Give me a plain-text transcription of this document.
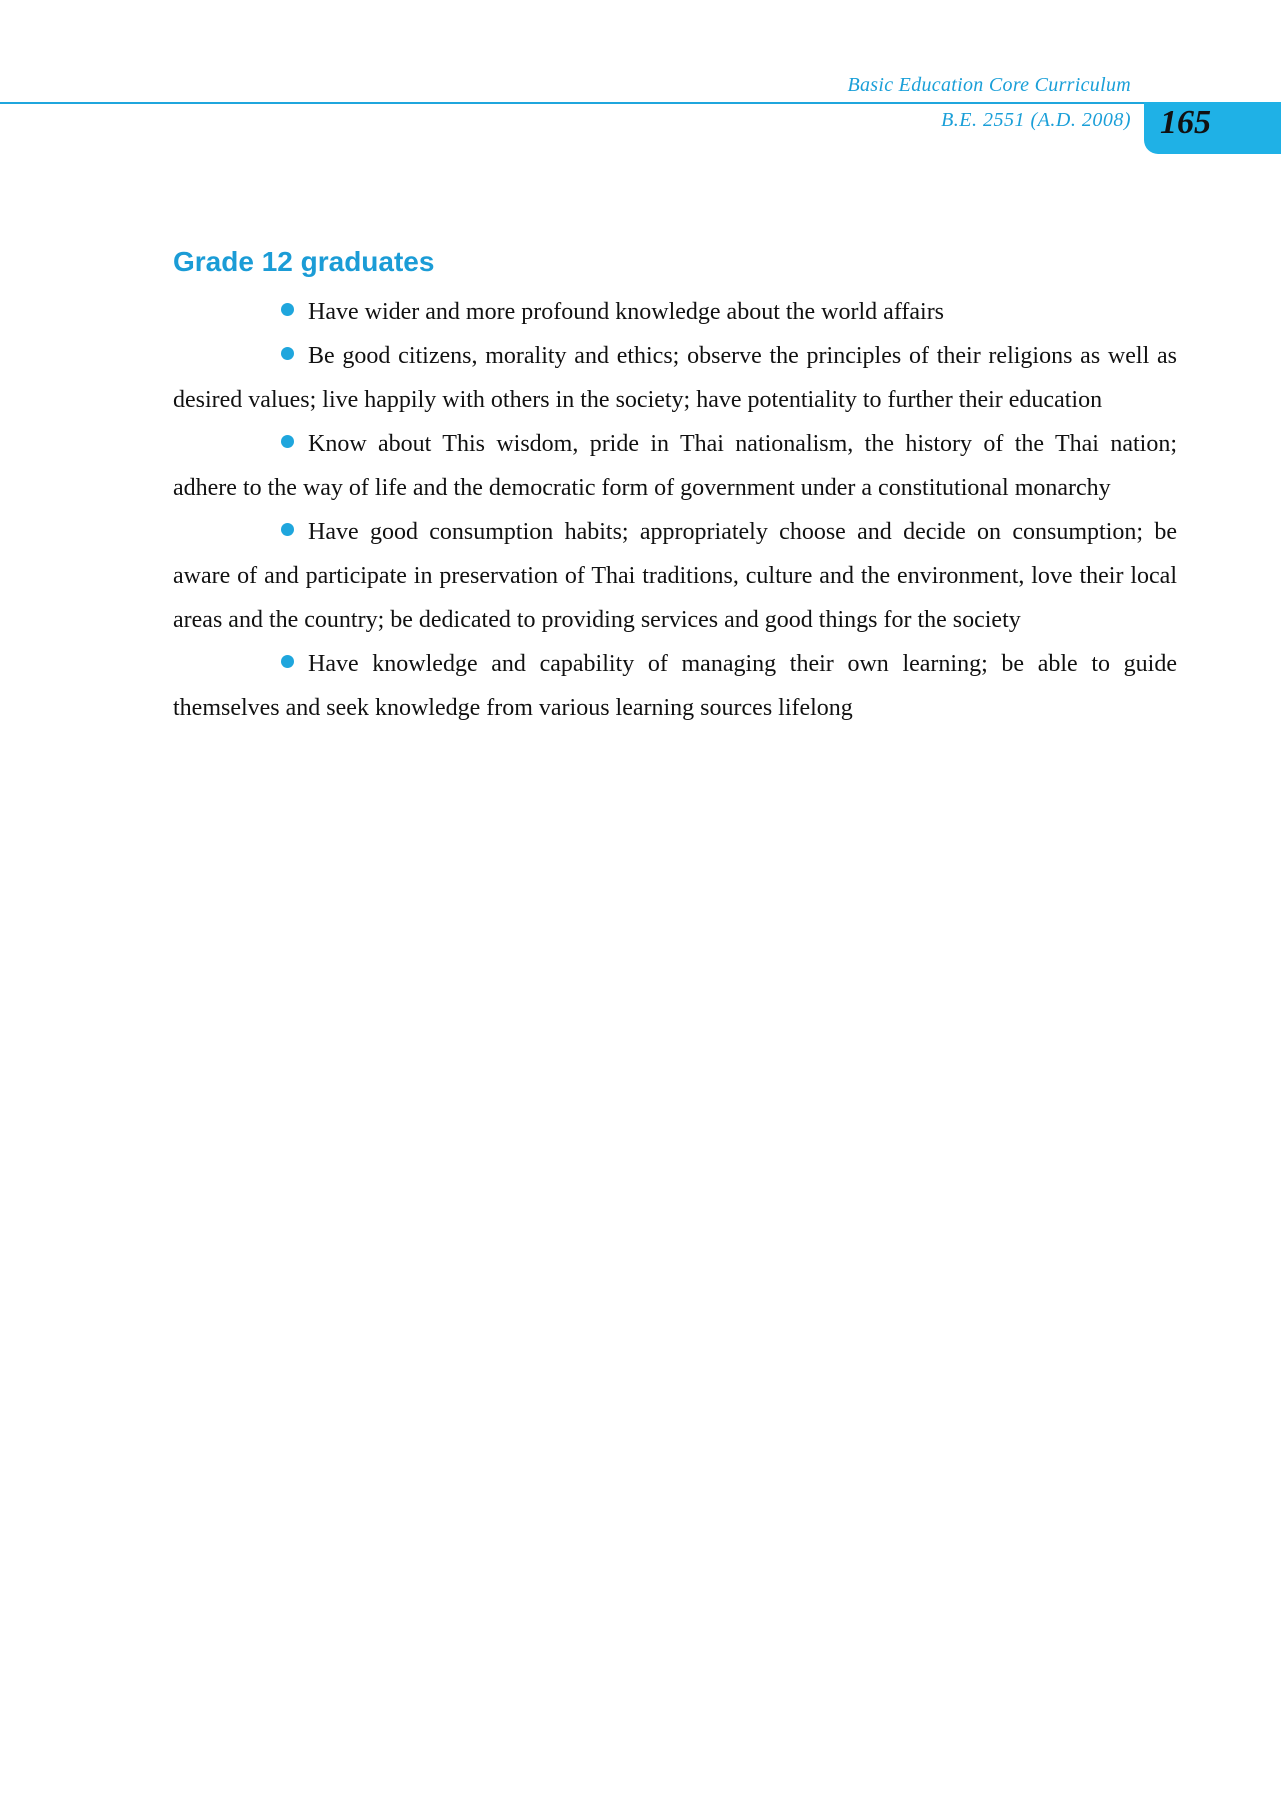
Basic Education Core Curriculum
B.E. 2551 (A.D. 2008) 165
Grade 12 graduates

Have wider and more profound knowledge about the world affairs

Be good citizens, morality and ethics; observe the principles of their religions as well as desired values; live happily with others in the society; have potentiality to further their education

Know about This wisdom, pride in Thai nationalism, the history of the Thai nation; adhere to the way of life and the democratic form of government under a constitutional monarchy

Have good consumption habits; appropriately choose and decide on consumption; be aware of and participate in preservation of Thai traditions, culture and the environment, love their local areas and the country; be dedicated to providing services and good things for the society

Have knowledge and capability of managing their own learning; be able to guide themselves and seek knowledge from various learning sources lifelong
